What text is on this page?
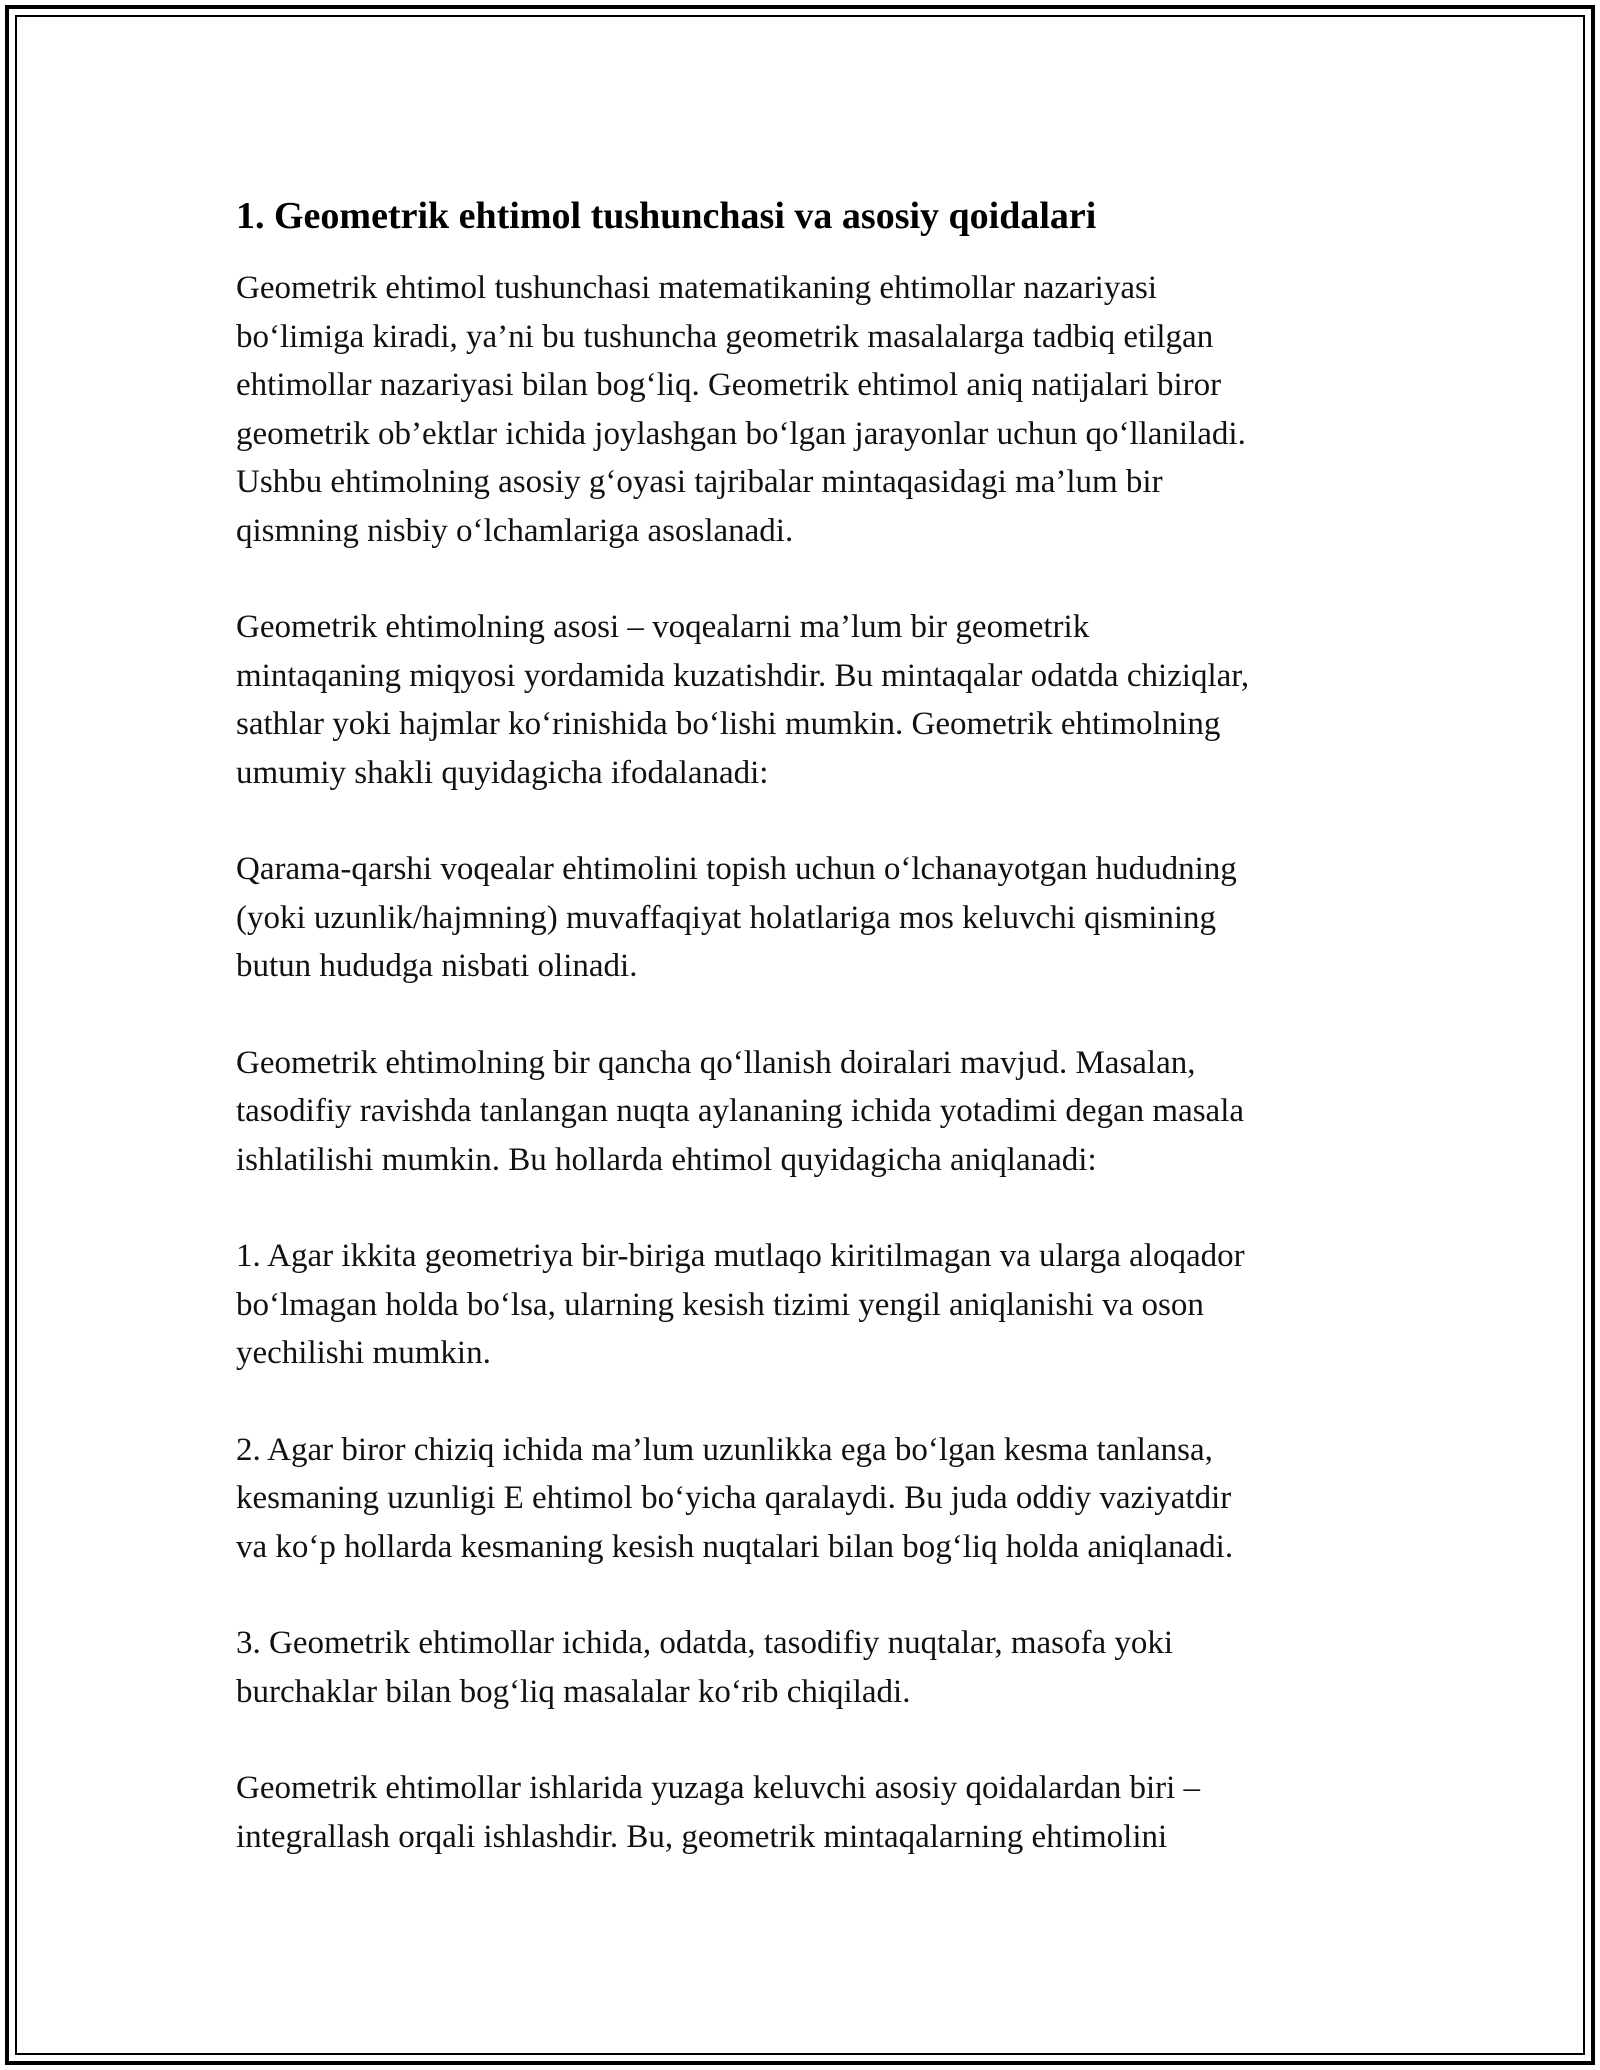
1. Geometrik ehtimol tushunchasi va asosiy qoidalari

Geometrik ehtimol tushunchasi matematikaning ehtimollar nazariyasi
bo‘limiga kiradi, ya’ni bu tushuncha geometrik masalalarga tadbiq etilgan
ehtimollar nazariyasi bilan bog‘liq. Geometrik ehtimol aniq natijalari biror
geometrik ob’ektlar ichida joylashgan bo‘lgan jarayonlar uchun qo‘llaniladi.
Ushbu ehtimolning asosiy g‘oyasi tajribalar mintaqasidagi ma’lum bir
qismning nisbiy o‘lchamlariga asoslanadi.

Geometrik ehtimolning asosi – voqealarni ma’lum bir geometrik
mintaqaning miqyosi yordamida kuzatishdir. Bu mintaqalar odatda chiziqlar,
sathlar yoki hajmlar ko‘rinishida bo‘lishi mumkin. Geometrik ehtimolning
umumiy shakli quyidagicha ifodalanadi:

Qarama-qarshi voqealar ehtimolini topish uchun o‘lchanayotgan hududning
(yoki uzunlik/hajmning) muvaffaqiyat holatlariga mos keluvchi qismining
butun hududga nisbati olinadi.

Geometrik ehtimolning bir qancha qo‘llanish doiralari mavjud. Masalan,
tasodifiy ravishda tanlangan nuqta aylananing ichida yotadimi degan masala
ishlatilishi mumkin. Bu hollarda ehtimol quyidagicha aniqlanadi:

1. Agar ikkita geometriya bir-biriga mutlaqo kiritilmagan va ularga aloqador
bo‘lmagan holda bo‘lsa, ularning kesish tizimi yengil aniqlanishi va oson
yechilishi mumkin.

2. Agar biror chiziq ichida ma’lum uzunlikka ega bo‘lgan kesma tanlansa,
kesmaning uzunligi E ehtimol bo‘yicha qaralaydi. Bu juda oddiy vaziyatdir
va ko‘p hollarda kesmaning kesish nuqtalari bilan bog‘liq holda aniqlanadi.

3. Geometrik ehtimollar ichida, odatda, tasodifiy nuqtalar, masofa yoki
burchaklar bilan bog‘liq masalalar ko‘rib chiqiladi.

Geometrik ehtimollar ishlarida yuzaga keluvchi asosiy qoidalardan biri –
integrallash orqali ishlashdir. Bu, geometrik mintaqalarning ehtimolini
